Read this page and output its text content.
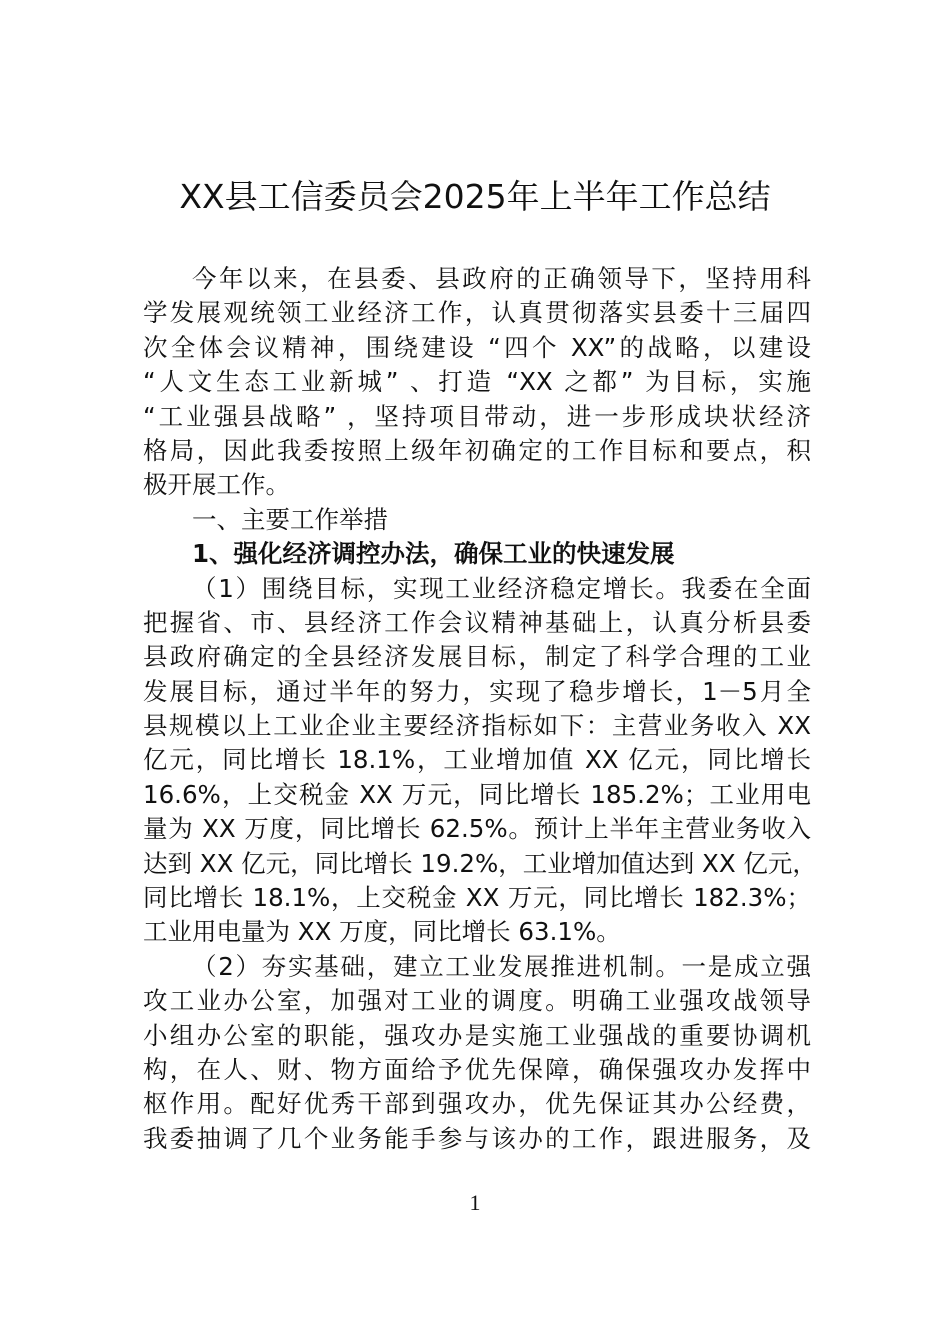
XX县工信委员会2025年上半年工作总结
今年以来，在县委、县政府的正确领导下，坚持用科
学发展观统领工业经济工作，认真贯彻落实县委十三届四
次全体会议精神，围绕建设 “四个 XX”的战略，以建设
“人文生态工业新城” 、打造 “XX 之都” 为目标，实施
“工业强县战略” ，坚持项目带动，进一步形成块状经济
格局，因此我委按照上级年初确定的工作目标和要点，积
极开展工作。
一、主要工作举措
1、强化经济调控办法，确保工业的快速发展
（1）围绕目标，实现工业经济稳定增长。我委在全面
把握省、市、县经济工作会议精神基础上，认真分析县委
县政府确定的全县经济发展目标，制定了科学合理的工业
发展目标，通过半年的努力，实现了稳步增长，1－5月全
县规模以上工业企业主要经济指标如下：主营业务收入 XX
亿元，同比增长 18.1%，工业增加值 XX 亿元，同比增长
16.6%，上交税金 XX 万元，同比增长 185.2%；工业用电
量为 XX 万度，同比增长 62.5%。预计上半年主营业务收入
达到 XX 亿元，同比增长 19.2%，工业增加值达到 XX 亿元，
同比增长 18.1%，上交税金 XX 万元，同比增长 182.3%；
工业用电量为 XX 万度，同比增长 63.1%。
（2）夯实基础，建立工业发展推进机制。一是成立强
攻工业办公室，加强对工业的调度。明确工业强攻战领导
小组办公室的职能，强攻办是实施工业强战的重要协调机
构，在人、财、物方面给予优先保障，确保强攻办发挥中
枢作用。配好优秀干部到强攻办，优先保证其办公经费，
我委抽调了几个业务能手参与该办的工作，跟进服务，及
1
